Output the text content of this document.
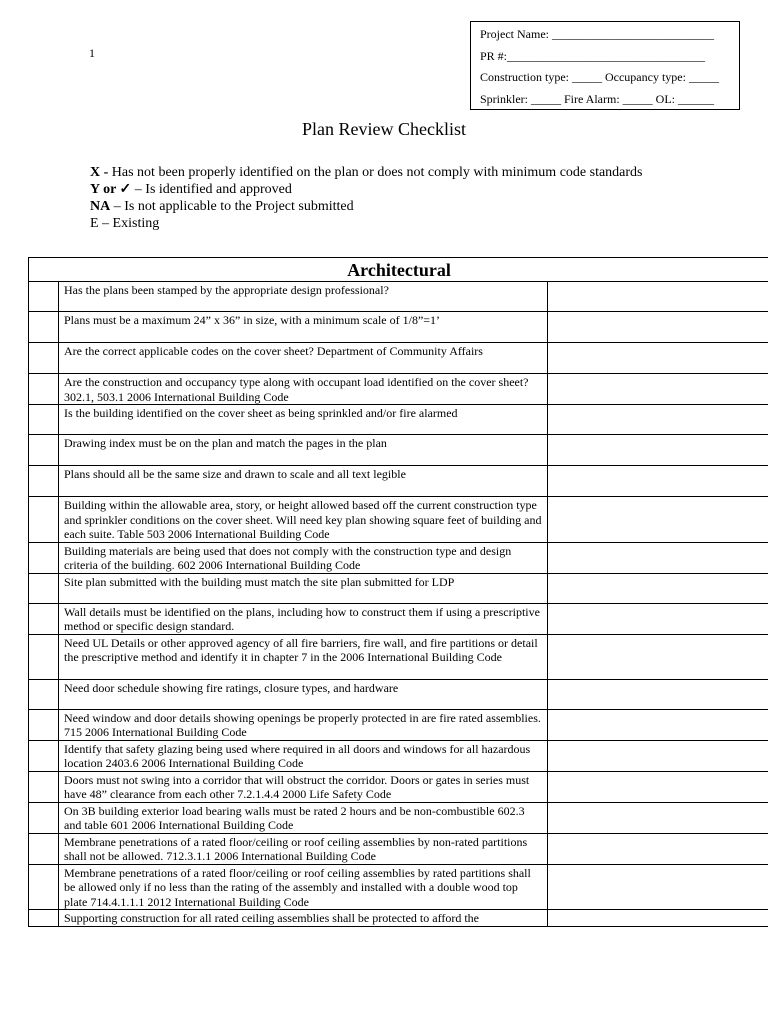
1
Project Name: ___________________________
PR #:_________________________________
Construction type: _____ Occupancy type: _____
Sprinkler: _____ Fire Alarm: _____ OL: ______
Plan Review Checklist
X - Has not been properly identified on the plan or does not comply with minimum code standards
Y or ✓ – Is identified and approved
NA – Is not applicable to the Project submitted
E – Existing
Architectural		
	Has the plans been stamped by the appropriate design professional?	
	Plans must be a maximum 24” x 36” in size, with a minimum scale of 1/8”=1’	
	Are the correct applicable codes on the cover sheet? Department of Community Affairs	
	Are the construction and occupancy type along with occupant load identified on the cover sheet? 302.1, 503.1 2006 International Building Code	
	Is the building identified on the cover sheet as being sprinkled and/or fire alarmed	
	Drawing index must be on the plan and match the pages in the plan	
	Plans should all be the same size and drawn to scale and all text legible	
	Building within the allowable area, story, or height allowed based off the current construction type and sprinkler conditions on the cover sheet. Will need key plan showing square feet of building and each suite. Table 503 2006 International Building Code	
	Building materials are being used that does not comply with the construction type and design criteria of the building. 602 2006 International Building Code	
	Site plan submitted with the building must match the site plan submitted for LDP	
	Wall details must be identified on the plans, including how to construct them if using a prescriptive method or specific design standard.	
	Need UL Details or other approved agency of all fire barriers, fire wall, and fire partitions or detail the prescriptive method and identify it in chapter 7 in the 2006 International Building Code	
	Need door schedule showing fire ratings, closure types, and hardware	
	Need window and door details showing openings be properly protected in are fire rated assemblies. 715 2006 International Building Code	
	Identify that safety glazing being used where required in all doors and windows for all hazardous location 2403.6 2006 International Building Code	
	Doors must not swing into a corridor that will obstruct the corridor. Doors or gates in series must have 48” clearance from each other 7.2.1.4.4 2000 Life Safety Code	
	On 3B building exterior load bearing walls must be rated 2 hours and be non-combustible 602.3 and table 601 2006 International Building Code	
	Membrane penetrations of a rated floor/ceiling or roof ceiling assemblies by non-rated partitions shall not be allowed. 712.3.1.1 2006 International Building Code	
	Membrane penetrations of a rated floor/ceiling or roof ceiling assemblies by rated partitions shall be allowed only if no less than the rating of the assembly and installed with a double wood top plate 714.4.1.1.1 2012 International Building Code	
	Supporting construction for all rated ceiling assemblies shall be protected to afford the	
